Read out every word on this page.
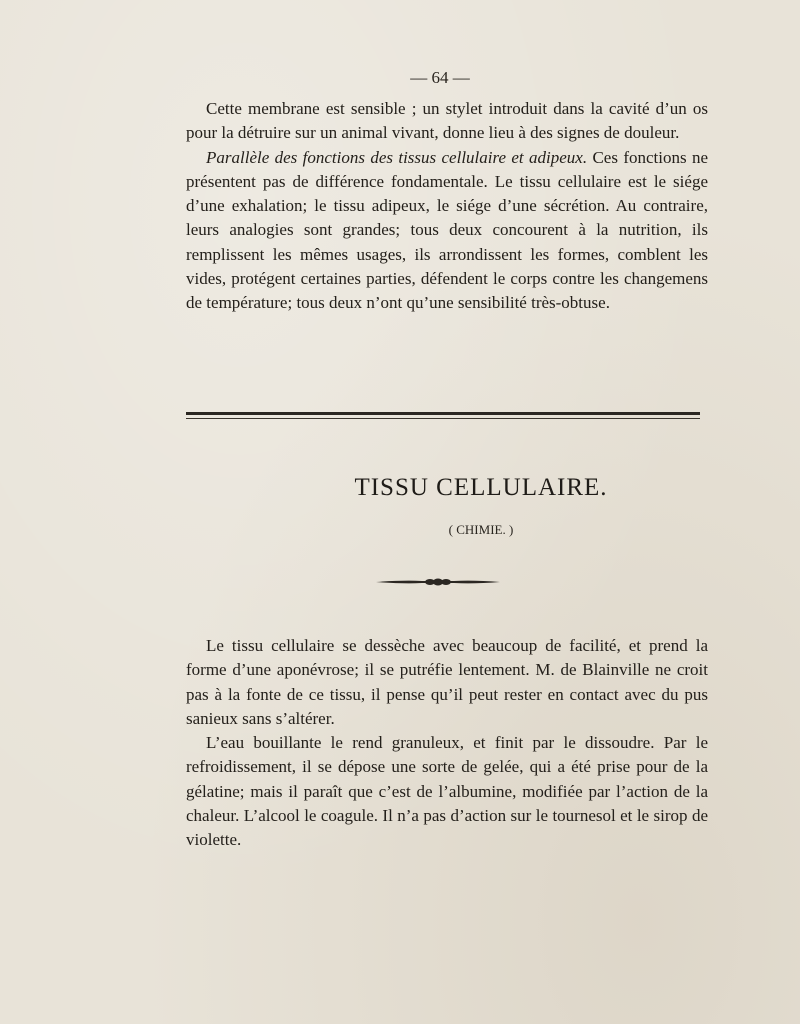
— 64 —

Cette membrane est sensible ; un stylet introduit dans la cavité d’un os pour la détruire sur un animal vivant, donne lieu à des signes de douleur.

Parallèle des fonctions des tissus cellulaire et adipeux. Ces fonctions ne présentent pas de différence fondamentale. Le tissu cellulaire est le siége d’une exhalation; le tissu adipeux, le siége d’une sécrétion. Au contraire, leurs analogies sont grandes; tous deux concourent à la nutrition, ils remplissent les mêmes usages, ils arrondissent les formes, comblent les vides, protégent certaines parties, défendent le corps contre les changemens de température; tous deux n’ont qu’une sensibilité très-obtuse.

TISSU CELLULAIRE.
( CHIMIE. )

Le tissu cellulaire se dessèche avec beaucoup de facilité, et prend la forme d’une aponévrose; il se putréfie lentement. M. de Blainville ne croit pas à la fonte de ce tissu, il pense qu’il peut rester en contact avec du pus sanieux sans s’altérer.

L’eau bouillante le rend granuleux, et finit par le dissoudre. Par le refroidissement, il se dépose une sorte de gelée, qui a été prise pour de la gélatine; mais il paraît que c’est de l’albumine, modifiée par l’action de la chaleur. L’alcool le coagule. Il n’a pas d’action sur le tournesol et le sirop de violette.
